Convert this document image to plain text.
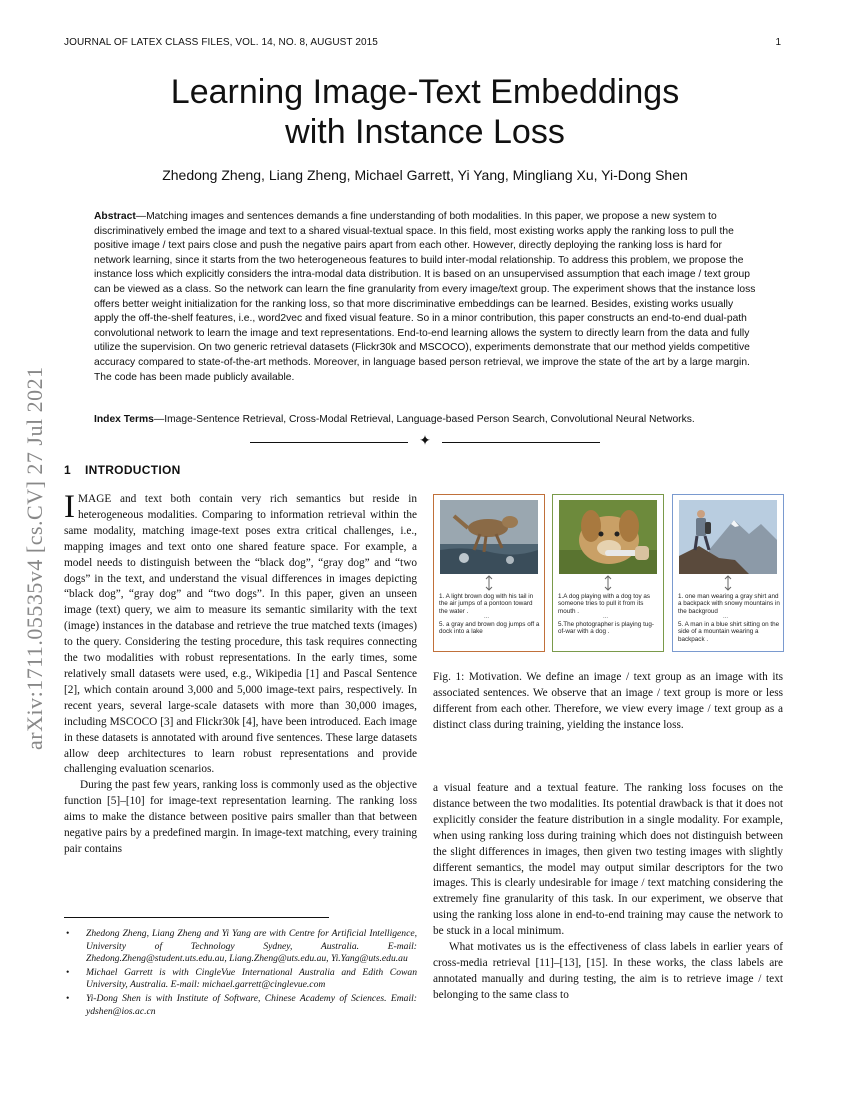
JOURNAL OF LATEX CLASS FILES, VOL. 14, NO. 8, AUGUST 2015	1
Learning Image-Text Embeddings
with Instance Loss
Zhedong Zheng, Liang Zheng, Michael Garrett, Yi Yang, Mingliang Xu, Yi-Dong Shen
Abstract—Matching images and sentences demands a fine understanding of both modalities. In this paper, we propose a new system to discriminatively embed the image and text to a shared visual-textual space. In this field, most existing works apply the ranking loss to pull the positive image / text pairs close and push the negative pairs apart from each other. However, directly deploying the ranking loss is hard for network learning, since it starts from the two heterogeneous features to build inter-modal relationship. To address this problem, we propose the instance loss which explicitly considers the intra-modal data distribution. It is based on an unsupervised assumption that each image / text group can be viewed as a class. So the network can learn the fine granularity from every image/text group. The experiment shows that the instance loss offers better weight initialization for the ranking loss, so that more discriminative embeddings can be learned. Besides, existing works usually apply the off-the-shelf features, i.e., word2vec and fixed visual feature. So in a minor contribution, this paper constructs an end-to-end dual-path convolutional network to learn the image and text representations. End-to-end learning allows the system to directly learn from the data and fully utilize the supervision. On two generic retrieval datasets (Flickr30k and MSCOCO), experiments demonstrate that our method yields competitive accuracy compared to state-of-the-art methods. Moreover, in language based person retrieval, we improve the state of the art by a large margin. The code has been made publicly available.
Index Terms—Image-Sentence Retrieval, Cross-Modal Retrieval, Language-based Person Search, Convolutional Neural Networks.
✦
arXiv:1711.05535v4 [cs.CV] 27 Jul 2021 1 INTRODUCTION

IMAGE and text both contain very rich semantics but reside in heterogeneous modalities. Comparing to information retrieval within the same modality, matching image-text poses extra critical challenges, i.e., mapping images and text onto one shared feature space. For example, a model needs to distinguish between the “black dog”, “gray dog” and “two dogs” in the text, and understand the visual differences in images depicting “black dog”, “gray dog” and “two dogs”. In this paper, given an unseen image (text) query, we aim to measure its semantic similarity with the text (image) instances in the database and retrieve the true matched texts (images) to the query. Considering the testing procedure, this task requires connecting the two modalities with robust representations. In the early times, some relatively small datasets were used, e.g., Wikipedia [1] and Pascal Sentence [2], which contain around 3,000 and 5,000 image-text pairs, respectively. In recent years, several large-scale datasets with more than 30,000 images, including MSCOCO [3] and Flickr30k [4], have been introduced. Each image in these datasets is annotated with around five sentences. These large datasets allow deep architectures to learn robust representations and provide challenging evaluation scenarios.

During the past few years, ranking loss is commonly used as the objective function [5]–[10] for image-text representation learning. The ranking loss aims to make the distance between positive pairs smaller than that between negative pairs by a predefined margin. In image-text matching, every training pair contains

• Zhedong Zheng, Liang Zheng and Yi Yang are with Centre for Artificial Intelligence, University of Technology Sydney, Australia. E-mail: Zhedong.Zheng@student.uts.edu.au, Liang.Zheng@uts.edu.au, Yi.Yang@uts.edu.au
• Michael Garrett is with CingleVue International Australia and Edith Cowan University, Australia. E-mail: michael.garrett@cinglevue.com
• Yi-Dong Shen is with Institute of Software, Chinese Academy of Sciences. Email: ydshen@ios.ac.cn
1. A light brown dog with his tail in the air jumps of a pontoon toward the water .
...
5. a gray and brown dog jumps off a dock into a lake
1.A dog playing with a dog toy as someone tries to pull it from its mouth .
...
5.The photographer is playing tug-of-war with a dog .
1. one man wearing a gray shirt and a backpack with snowy mountains in the backgroud
...
5. A man in a blue shirt sitting on the side of a mountain wearing a backpack .
Fig. 1: Motivation. We define an image / text group as an image with its associated sentences. We observe that an image / text group is more or less different from each other. Therefore, we view every image / text group as a distinct class during training, yielding the instance loss.

a visual feature and a textual feature. The ranking loss focuses on the distance between the two modalities. Its potential drawback is that it does not explicitly consider the feature distribution in a single modality. For example, when using ranking loss during training which does not distinguish between the slight differences in images, then given two testing images with slightly different semantics, the model may output similar descriptors for the two images. This is clearly undesirable for image / text matching considering the extremely fine granularity of this task. In our experiment, we observe that using the ranking loss alone in end-to-end training may cause the network to be stuck in a local minimum.

What motivates us is the effectiveness of class labels in earlier years of cross-media retrieval [11]–[13], [15]. In these works, the class labels are annotated manually and during testing, the aim is to retrieve image / text belonging to the same class to
